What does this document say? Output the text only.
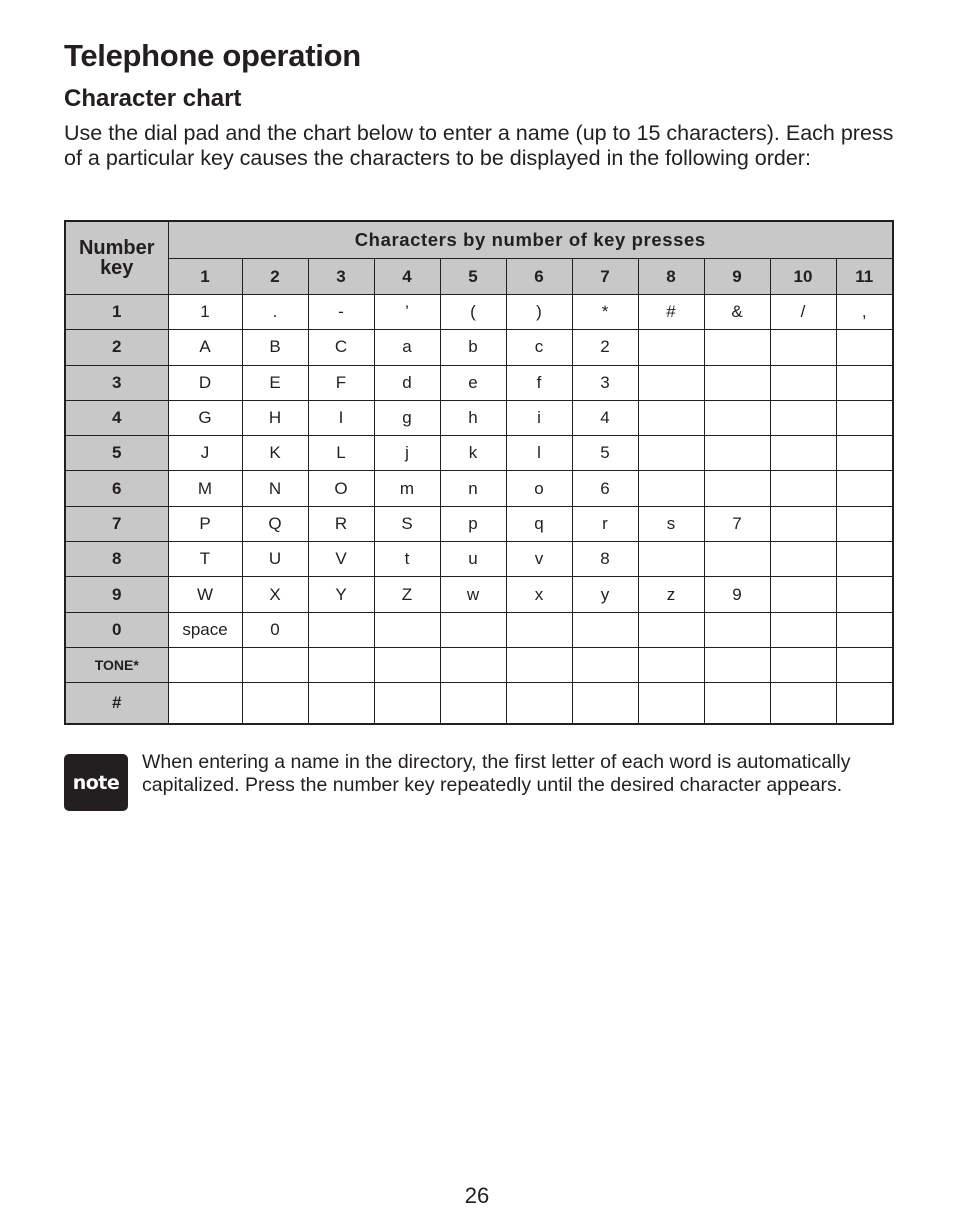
Telephone operation
Character chart

Use the dial pad and the chart below to enter a name (up to 15 characters). Each press of a particular key causes the characters to be displayed in the following order:

Number key	Characters by number of key presses										
	1	2	3	4	5	6	7	8	9	10	11
1	1	.	-	’	(	)	*	#	&	/	,
2	A	B	C	a	b	c	2				
3	D	E	F	d	e	f	3				
4	G	H	I	g	h	i	4				
5	J	K	L	j	k	l	5				
6	M	N	O	m	n	o	6				
7	P	Q	R	S	p	q	r	s	7		
8	T	U	V	t	u	v	8				
9	W	X	Y	Z	w	x	y	z	9		
0	space	0									
TONE*											
#											
note

When entering a name in the directory, the first letter of each word is automatically capitalized. Press the number key repeatedly until the desired character appears.

26
